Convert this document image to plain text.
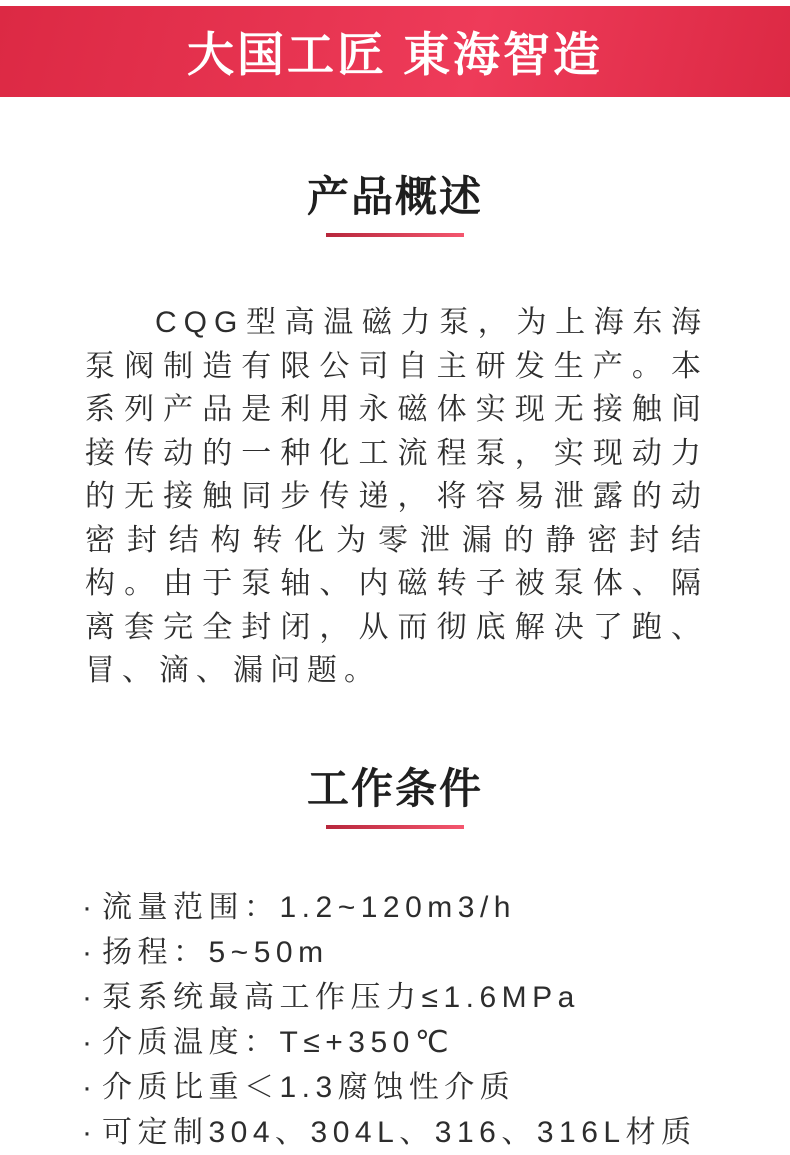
大国工匠 東海智造
产品概述

CQG型高温磁力泵，为上海东海泵阀制造有限公司自主研发生产。本系列产品是利用永磁体实现无接触间接传动的一种化工流程泵，实现动力的无接触同步传递，将容易泄露的动密封结构转化为零泄漏的静密封结构。由于泵轴、内磁转子被泵体、隔离套完全封闭，从而彻底解决了跑、冒、滴、漏问题。

工作条件
· 流量范围：1.2~120m3/h
· 扬程：5~50m
· 泵系统最高工作压力≤1.6MPa
· 介质温度：T≤+350℃
· 介质比重＜1.3腐蚀性介质
· 可定制304、304L、316、316L材质
